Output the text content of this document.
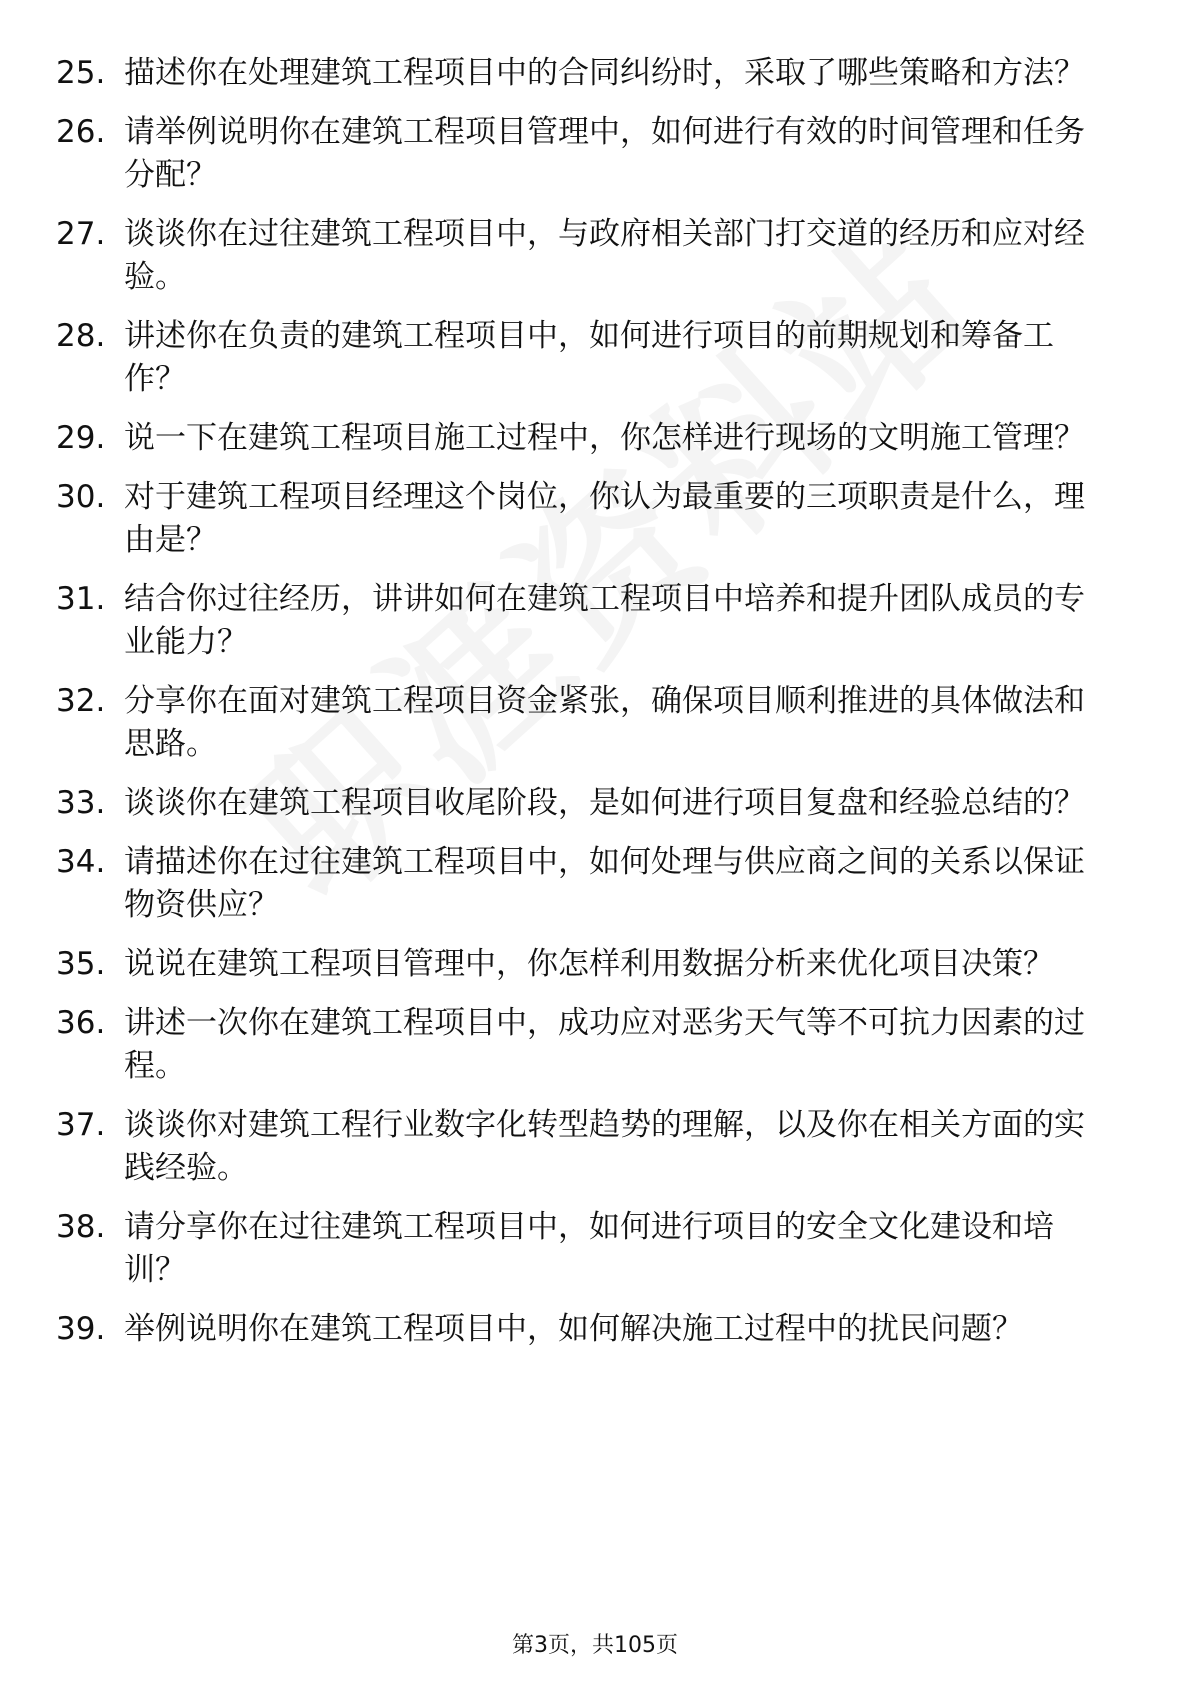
25. 描述你在处理建筑工程项目中的合同纠纷时，采取了哪些策略和方法？
26. 请举例说明你在建筑工程项目管理中，如何进行有效的时间管理和任务分配？
27. 谈谈你在过往建筑工程项目中，与政府相关部门打交道的经历和应对经验。
28. 讲述你在负责的建筑工程项目中，如何进行项目的前期规划和筹备工作？
29. 说一下在建筑工程项目施工过程中，你怎样进行现场的文明施工管理？
30. 对于建筑工程项目经理这个岗位，你认为最重要的三项职责是什么，理由是？
31. 结合你过往经历，讲讲如何在建筑工程项目中培养和提升团队成员的专业能力？
32. 分享你在面对建筑工程项目资金紧张，确保项目顺利推进的具体做法和思路。
33. 谈谈你在建筑工程项目收尾阶段，是如何进行项目复盘和经验总结的？
34. 请描述你在过往建筑工程项目中，如何处理与供应商之间的关系以保证物资供应？
35. 说说在建筑工程项目管理中，你怎样利用数据分析来优化项目决策？
36. 讲述一次你在建筑工程项目中，成功应对恶劣天气等不可抗力因素的过程。
37. 谈谈你对建筑工程行业数字化转型趋势的理解，以及你在相关方面的实践经验。
38. 请分享你在过往建筑工程项目中，如何进行项目的安全文化建设和培训？
39. 举例说明你在建筑工程项目中，如何解决施工过程中的扰民问题？
第3页，共105页
